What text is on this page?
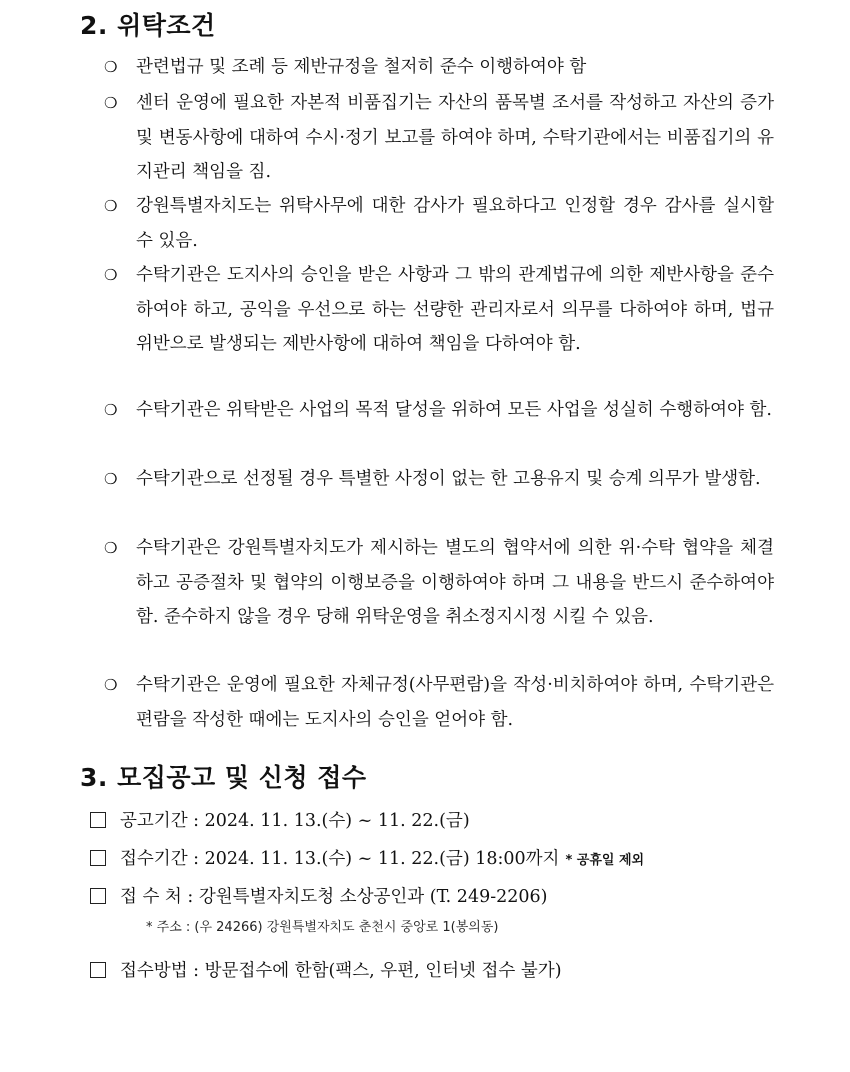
2. 위탁조건
❍	관련법규 및 조례 등 제반규정을 철저히 준수 이행하여야 함
❍	센터 운영에 필요한 자본적 비품집기는 자산의 품목별 조서를 작성하고 자산의 증가 및 변동사항에 대하여 수시·정기 보고를 하여야 하며, 수탁기관에서는 비품집기의 유지관리 책임을 짐.
❍	강원특별자치도는 위탁사무에 대한 감사가 필요하다고 인정할 경우 감사를 실시할 수 있음.
❍	수탁기관은 도지사의 승인을 받은 사항과 그 밖의 관계법규에 의한 제반사항을 준수하여야 하고, 공익을 우선으로 하는 선량한 관리자로서 의무를 다하여야 하며, 법규 위반으로 발생되는 제반사항에 대하여 책임을 다하여야 함.
❍	수탁기관은 위탁받은 사업의 목적 달성을 위하여 모든 사업을 성실히 수행하여야 함.
❍	수탁기관으로 선정될 경우 특별한 사정이 없는 한 고용유지 및 승계 의무가 발생함.
❍	수탁기관은 강원특별자치도가 제시하는 별도의 협약서에 의한 위·수탁 협약을 체결하고 공증절차 및 협약의 이행보증을 이행하여야 하며 그 내용을 반드시 준수하여야 함. 준수하지 않을 경우 당해 위탁운영을 취소정지시정 시킬 수 있음.
❍	수탁기관은 운영에 필요한 자체규정(사무편람)을 작성·비치하여야 하며, 수탁기관은 편람을 작성한 때에는 도지사의 승인을 얻어야 함.
3. 모집공고 및 신청 접수
공고기간 : 2024. 11. 13.(수) ~ 11. 22.(금)
접수기간 : 2024. 11. 13.(수) ~ 11. 22.(금) 18:00까지 * 공휴일 제외
접 수 처 : 강원특별자치도청 소상공인과 (T. 249-2206)
* 주소 : (우 24266) 강원특별자치도 춘천시 중앙로 1(봉의동)
접수방법 : 방문접수에 한함(팩스, 우편, 인터넷 접수 불가)
